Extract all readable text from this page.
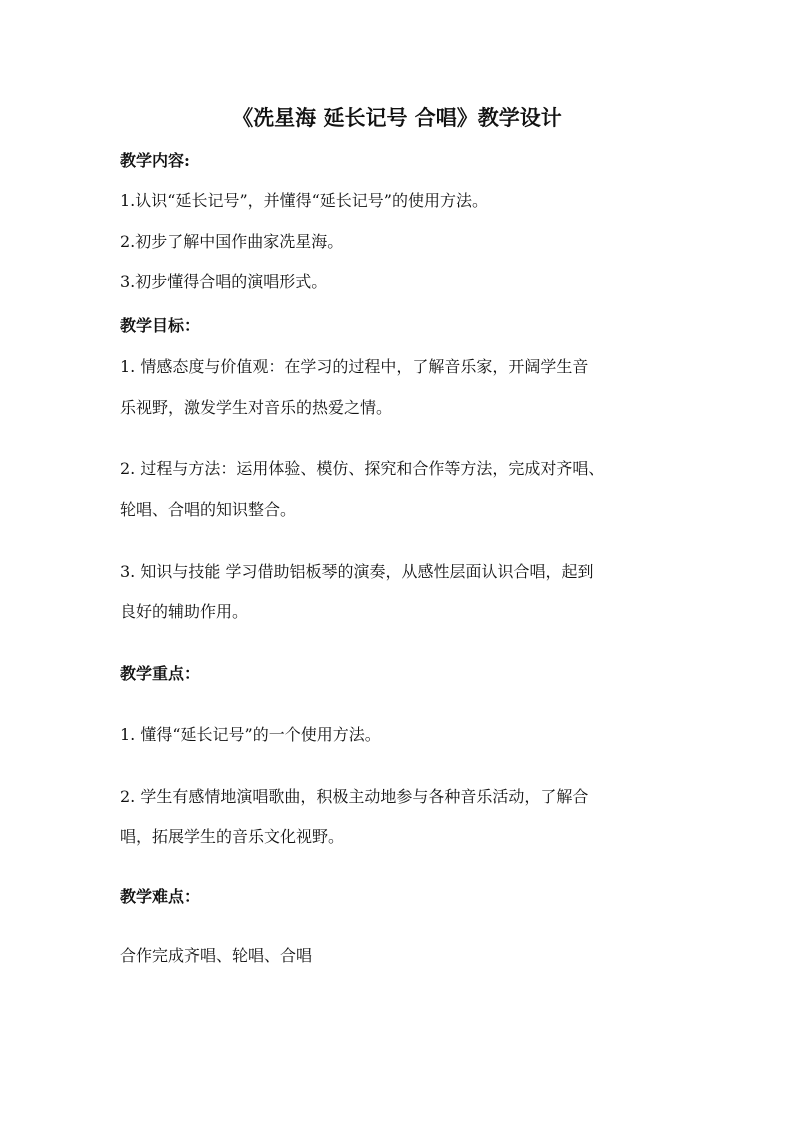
《冼星海 延长记号 合唱》教学设计
教学内容:
1.认识“延长记号”，并懂得“延长记号”的使用方法。
2.初步了解中国作曲家冼星海。
3.初步懂得合唱的演唱形式。
教学目标：
1. 情感态度与价值观：在学习的过程中，了解音乐家，开阔学生音
乐视野，激发学生对音乐的热爱之情。
2. 过程与方法：运用体验、模仿、探究和合作等方法，完成对齐唱、
轮唱、合唱的知识整合。
3. 知识与技能 学习借助铝板琴的演奏，从感性层面认识合唱，起到
良好的辅助作用。
教学重点：
1. 懂得“延长记号”的一个使用方法。
2. 学生有感情地演唱歌曲，积极主动地参与各种音乐活动，了解合
唱，拓展学生的音乐文化视野。
教学难点：
合作完成齐唱、轮唱、合唱
